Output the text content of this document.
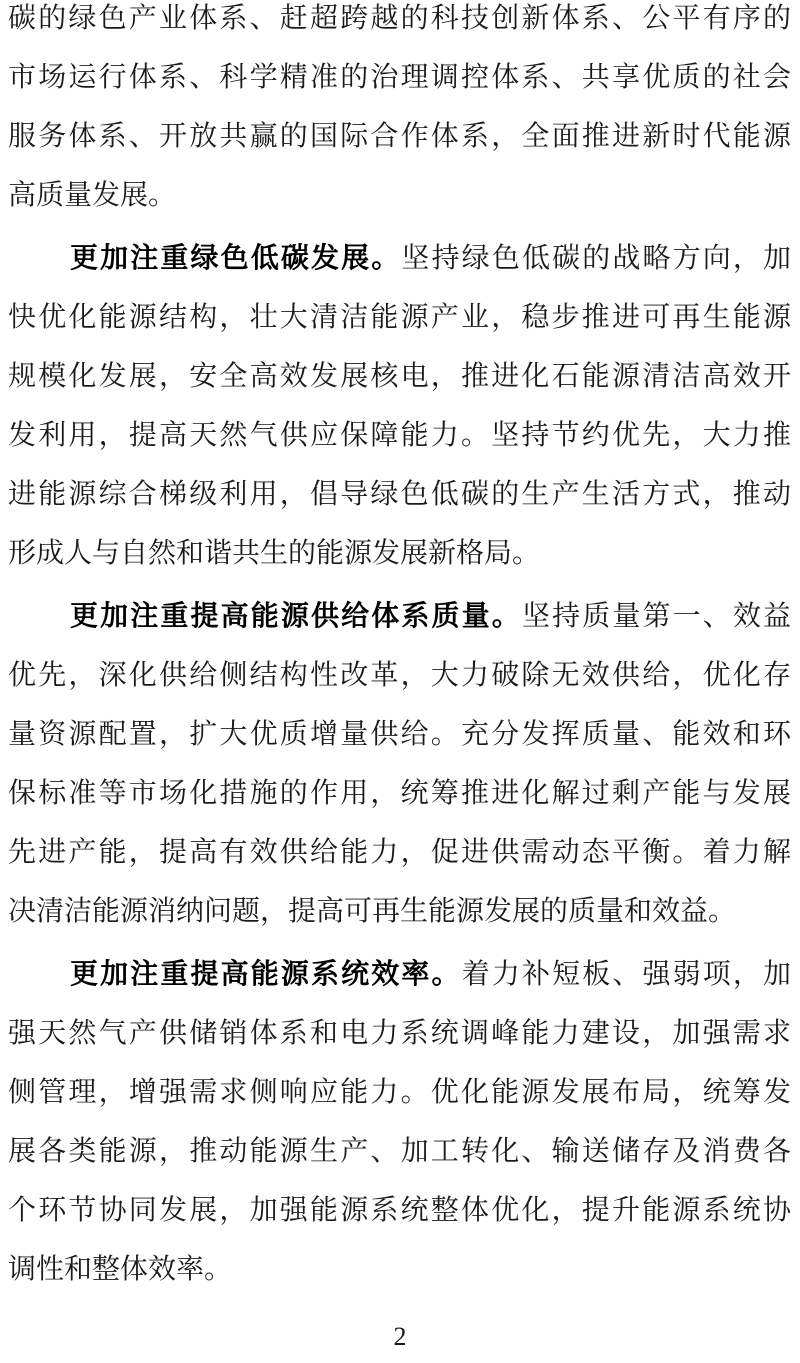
碳的绿色产业体系、赶超跨越的科技创新体系、公平有序的
市场运行体系、科学精准的治理调控体系、共享优质的社会
服务体系、开放共赢的国际合作体系，全面推进新时代能源
高质量发展。
更加注重绿色低碳发展。坚持绿色低碳的战略方向，加
快优化能源结构，壮大清洁能源产业，稳步推进可再生能源
规模化发展，安全高效发展核电，推进化石能源清洁高效开
发利用，提高天然气供应保障能力。坚持节约优先，大力推
进能源综合梯级利用，倡导绿色低碳的生产生活方式，推动
形成人与自然和谐共生的能源发展新格局。
更加注重提高能源供给体系质量。坚持质量第一、效益
优先，深化供给侧结构性改革，大力破除无效供给，优化存
量资源配置，扩大优质增量供给。充分发挥质量、能效和环
保标准等市场化措施的作用，统筹推进化解过剩产能与发展
先进产能，提高有效供给能力，促进供需动态平衡。着力解
决清洁能源消纳问题，提高可再生能源发展的质量和效益。
更加注重提高能源系统效率。着力补短板、强弱项，加
强天然气产供储销体系和电力系统调峰能力建设，加强需求
侧管理，增强需求侧响应能力。优化能源发展布局，统筹发
展各类能源，推动能源生产、加工转化、输送储存及消费各
个环节协同发展，加强能源系统整体优化，提升能源系统协
调性和整体效率。
2
